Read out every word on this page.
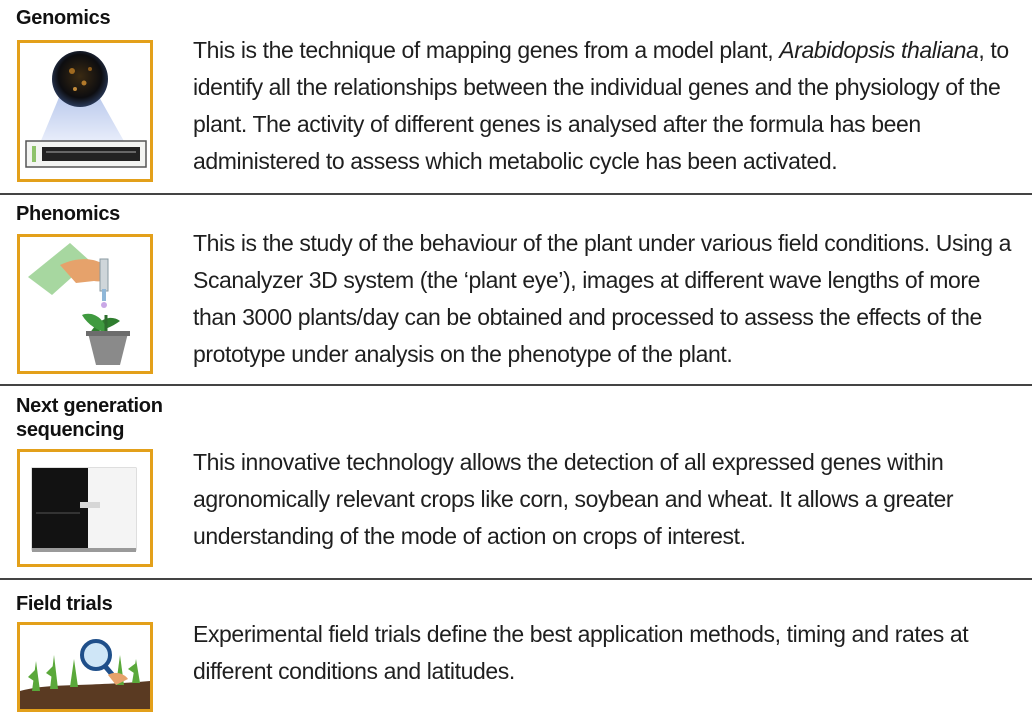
Genomics
This is the technique of mapping genes from a model plant, Arabidopsis thaliana, to identify all the relationships between the individual genes and the physiology of the plant. The activity of different genes is analysed after the formula has been administered to assess which metabolic cycle has been activated.
Phenomics
This is the study of the behaviour of the plant under various field conditions. Using a Scanalyzer 3D system (the ‘plant eye’), images at different wave lengths of more than 3000 plants/day can be obtained and processed to assess the effects of the prototype under analysis on the phenotype of the plant.
Next generation
sequencing
This innovative technology allows the detection of all expressed genes within agronomically relevant crops like corn, soybean and wheat. It allows a greater understanding of the mode of action on crops of interest.
Field trials
Experimental field trials define the best application methods, timing and rates at different conditions and latitudes.
